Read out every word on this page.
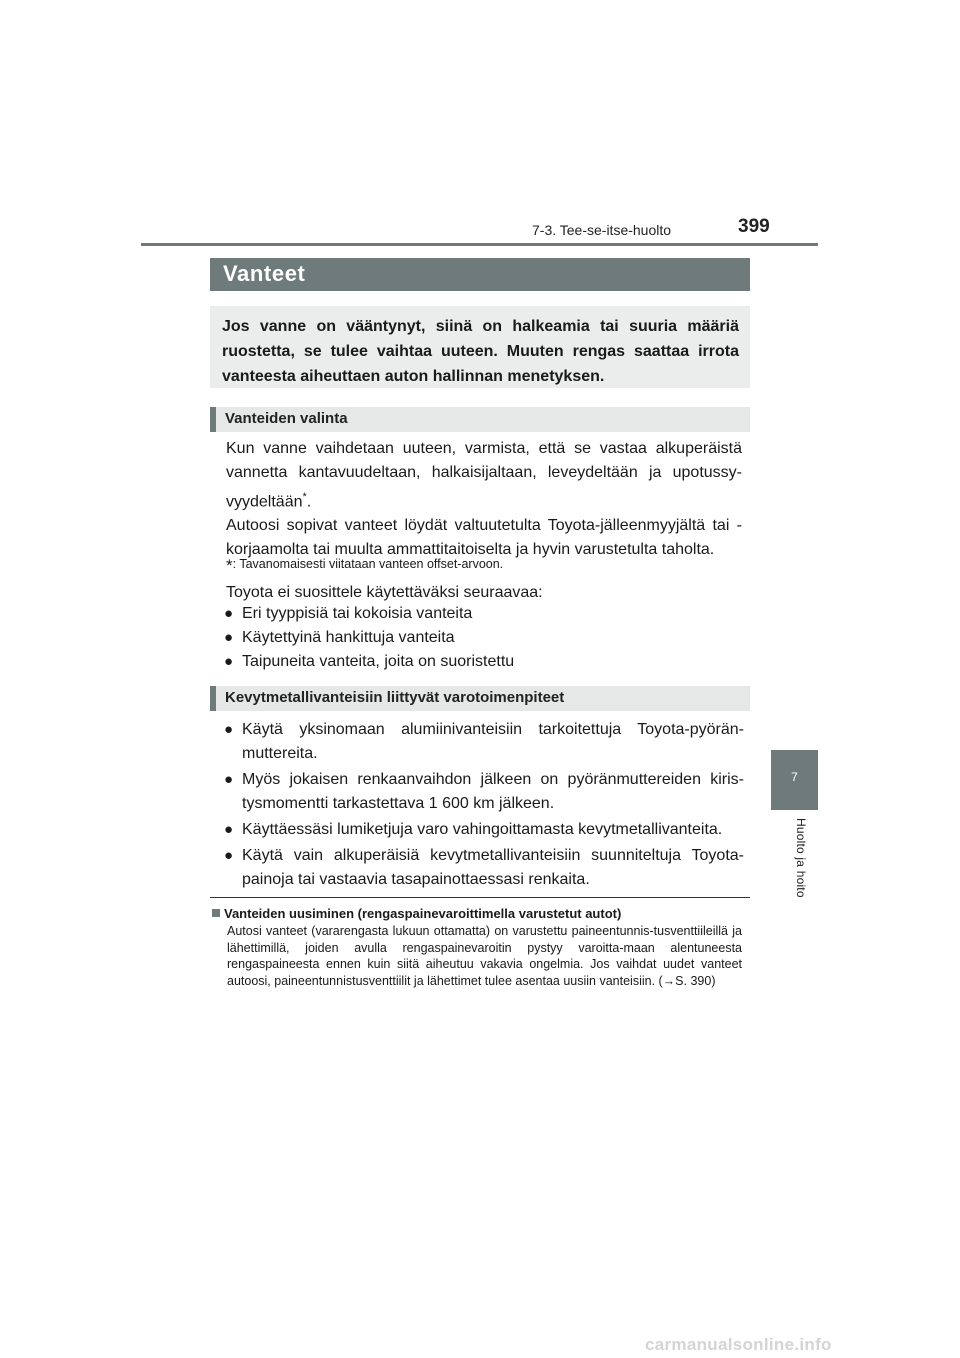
7-3. Tee-se-itse-huolto	399
7
Huolto ja hoito
Vanteet
Jos vanne on vääntynyt, siinä on halkeamia tai suuria määriä ruostetta, se tulee vaihtaa uuteen. Muuten rengas saattaa irrota vanteesta aiheuttaen auton hallinnan menetyksen.
Vanteiden valinta
Kun vanne vaihdetaan uuteen, varmista, että se vastaa alkuperäistä vannetta kantavuudeltaan, halkaisijaltaan, leveydeltään ja upotussy-vyydeltään*.
Autoosi sopivat vanteet löydät valtuutetulta Toyota-jälleenmyyjältä tai -korjaamolta tai muulta ammattitaitoiselta ja hyvin varustetulta taholta.
*: Tavanomaisesti viitataan vanteen offset-arvoon.
Toyota ei suosittele käytettäväksi seuraavaa:
● Eri tyyppisiä tai kokoisia vanteita
● Käytettyinä hankittuja vanteita
● Taipuneita vanteita, joita on suoristettu
Kevytmetallivanteisiin liittyvät varotoimenpiteet
● Käytä yksinomaan alumiinivanteisiin tarkoitettuja Toyota-pyörän-muttereita.
● Myös jokaisen renkaanvaihdon jälkeen on pyöränmuttereiden kiris-tysmomentti tarkastettava 1 600 km jälkeen.
● Käyttäessäsi lumiketjuja varo vahingoittamasta kevytmetallivanteita.
● Käytä vain alkuperäisiä kevytmetallivanteisiin suunniteltuja Toyota-painoja tai vastaavia tasapainottaessasi renkaita.
Vanteiden uusiminen (rengaspainevaroittimella varustetut autot)
Autosi vanteet (vararengasta lukuun ottamatta) on varustettu paineentunnis-tusventtiileillä ja lähettimillä, joiden avulla rengaspainevaroitin pystyy varoitta-maan alentuneesta rengaspaineesta ennen kuin siitä aiheutuu vakavia ongelmia. Jos vaihdat uudet vanteet autoosi, paineentunnistusventtiilit ja lähettimet tulee asentaa uusiin vanteisiin. (→S. 390)
carmanualsonline.info
